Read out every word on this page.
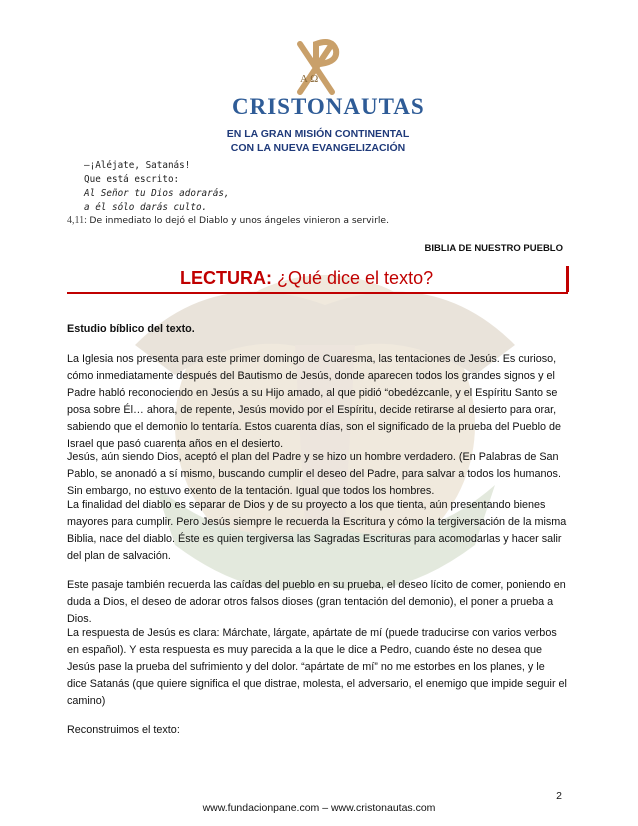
A Ω
CRISTONAUTAS
EN LA GRAN MISIÓN CONTINENTAL
CON LA NUEVA EVANGELIZACIÓN
—¡Aléjate, Satanás!
Que está escrito:
Al Señor tu Dios adorarás,
a él sólo darás culto.
4,11: De inmediato lo dejó el Diablo y unos ángeles vinieron a servirle.
BIBLIA DE NUESTRO PUEBLO
LECTURA: ¿Qué dice el texto?
Estudio bíblico del texto.

La Iglesia nos presenta para este primer domingo de Cuaresma, las tentaciones de Jesús. Es curioso, cómo inmediatamente después del Bautismo de Jesús, donde aparecen todos los grandes signos y el Padre habló reconociendo en Jesús a su Hijo amado, al que pidió “obedézcanle, y el Espíritu Santo se posa sobre Él… ahora, de repente, Jesús movido por el Espíritu, decide retirarse al desierto para orar, sabiendo que el demonio lo tentaría. Estos cuarenta días, son el significado de la prueba del Pueblo de Israel que pasó cuarenta años en el desierto.

Jesús, aún siendo Dios, aceptó el plan del Padre y se hizo un hombre verdadero. (En Palabras de San Pablo, se anonadó a sí mismo, buscando cumplir el deseo del Padre, para salvar a todos los humanos. Sin embargo, no estuvo exento de la tentación. Igual que todos los hombres.

La finalidad del diablo es separar de Dios y de su proyecto a los que tienta, aún presentando bienes mayores para cumplir. Pero Jesús siempre le recuerda la Escritura y cómo la tergiversación de la misma Biblia, nace del diablo. Éste es quien tergiversa las Sagradas Escrituras para acomodarlas y hacer salir del plan de salvación.

Este pasaje también recuerda las caídas del pueblo en su prueba, el deseo lícito de comer, poniendo en duda a Dios, el deseo de adorar otros falsos dioses (gran tentación del demonio), el poner a prueba a Dios.

La respuesta de Jesús es clara: Márchate, lárgate, apártate de mí (puede traducirse con varios verbos en español). Y esta respuesta es muy parecida a la que le dice a Pedro, cuando éste no desea que Jesús pase la prueba del sufrimiento y del dolor. “apártate de mí” no me estorbes en los planes, y le dice Satanás (que quiere significa el que distrae, molesta, el adversario, el enemigo que impide seguir el camino)

Reconstruimos el texto:

2
www.fundacionpane.com – www.cristonautas.com
